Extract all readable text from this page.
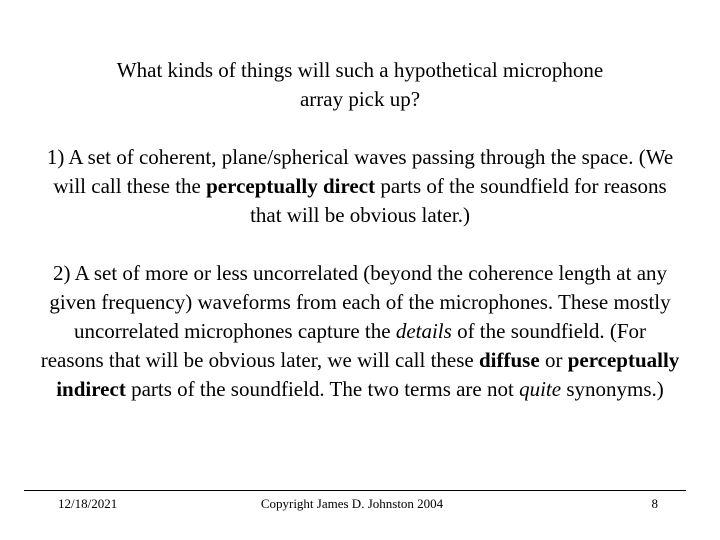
What kinds of things will such a hypothetical microphone
array pick up?

1) A set of coherent, plane/spherical waves passing through the space. (We will call these the perceptually direct parts of the soundfield for reasons that will be obvious later.)

2) A set of more or less uncorrelated (beyond the coherence length at any given frequency) waveforms from each of the microphones. These mostly uncorrelated microphones capture the details of the soundfield. (For reasons that will be obvious later, we will call these diffuse or perceptually indirect parts of the soundfield. The two terms are not quite synonyms.)

12/18/2021	Copyright James D. Johnston 2004	8
